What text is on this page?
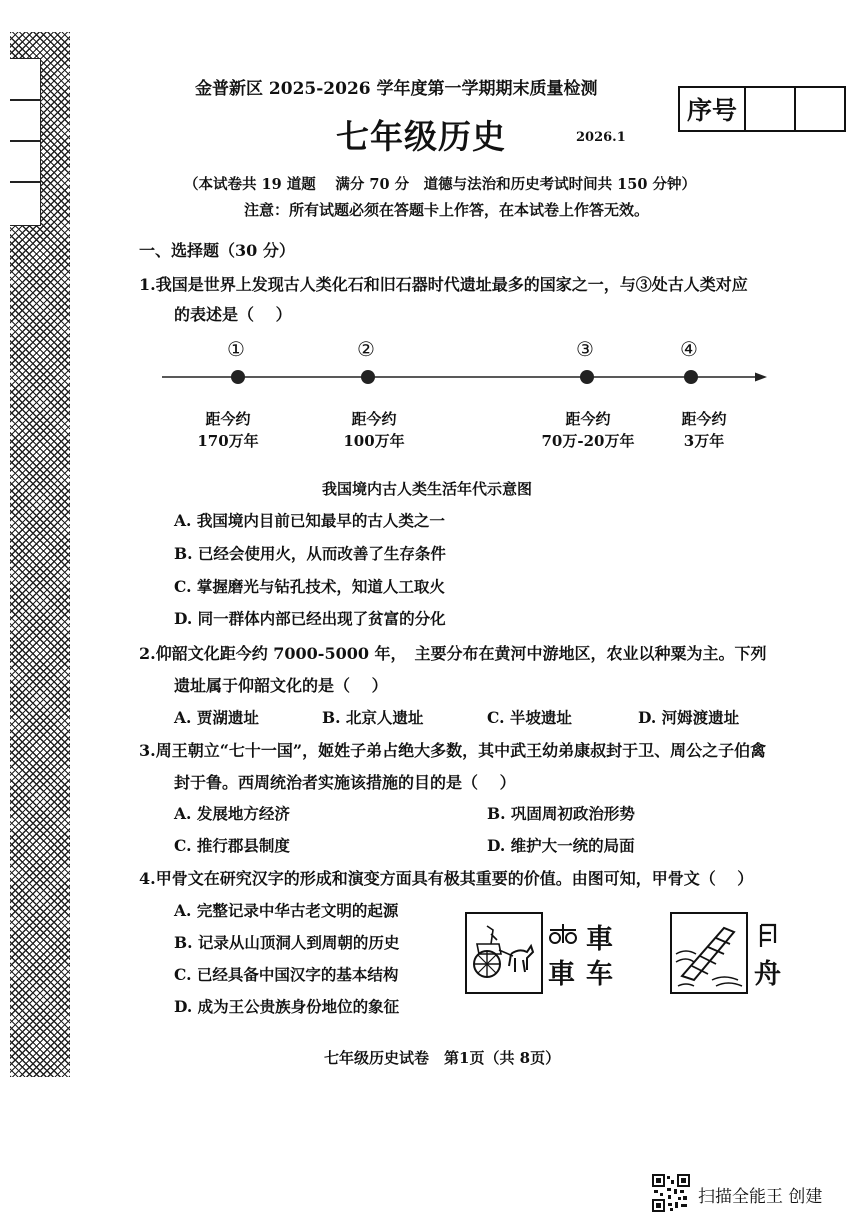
金普新区 2025-2026 学年度第一学期期末质量检测
序号
七年级历史	2026.1
（本试卷共 19 道题　 满分 70 分　道德与法治和历史考试时间共 150 分钟）
注意：所有试题必须在答题卡上作答，在本试卷上作答无效。
一、选择题（30 分）
1.我国是世界上发现古人类化石和旧石器时代遗址最多的国家之一，与③处古人类对应
的表述是（　 ）
①	②	③	④
距今约
170万年
距今约
100万年
距今约
70万-20万年
距今约
3万年
我国境内古人类生活年代示意图
A. 我国境内目前已知最早的古人类之一
B. 已经会使用火，从而改善了生存条件
C. 掌握磨光与钻孔技术，知道人工取火
D. 同一群体内部已经出现了贫富的分化
2.仰韶文化距今约 7000-5000 年，　主要分布在黄河中游地区，农业以种粟为主。下列
遗址属于仰韶文化的是（　 ）
A. 贾湖遗址	B. 北京人遗址	C. 半坡遗址	D. 河姆渡遗址
3.周王朝立“七十一国”，姬姓子弟占绝大多数，其中武王幼弟康叔封于卫、周公之子伯禽
封于鲁。西周统治者实施该措施的目的是（　 ）
A. 发展地方经济	B. 巩固周初政治形势
C. 推行郡县制度	D. 维护大一统的局面
4.甲骨文在研究汉字的形成和演变方面具有极其重要的价值。由图可知，甲骨文（　 ）
A. 完整记录中华古老文明的起源
B. 记录从山顶洞人到周朝的历史
C. 已经具备中国汉字的基本结构
D. 成为王公贵族身份地位的象征
車
車 车	舟
七年级历史试卷　第1页（共 8页）
扫描全能王 创建
